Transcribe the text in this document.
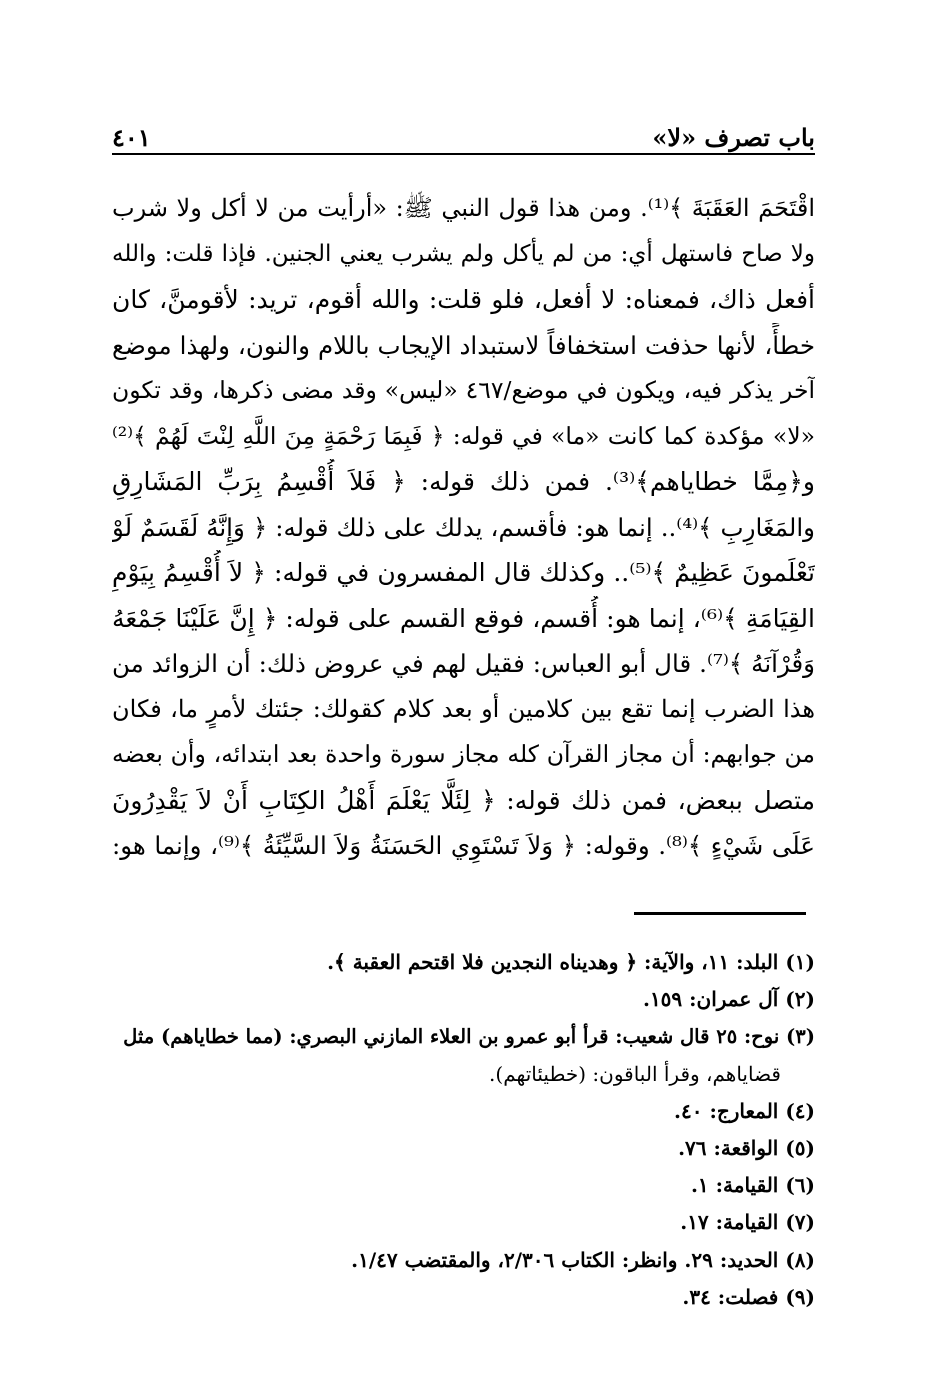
باب تصرف «لا»
٤٠١
اقْتَحَمَ العَقَبَةَ ﴾⁽¹⁾. ومن هذا قول النبي ﷺ: «أرأيت من لا أكل ولا شرب
ولا صاح فاستهل أي: من لم يأكل ولم يشرب يعني الجنين. فإذا قلت: والله
أفعل ذاك، فمعناه: لا أفعل، فلو قلت: والله أقوم، تريد: لأقومنَّ، كان
خطأً، لأنها حذفت استخفافاً لاستبداد الإيجاب باللام والنون، ولهذا موضع
آخر يذكر فيه، ويكون في موضع/٤٦٧ «ليس» وقد مضى ذكرها، وقد تكون
«لا» مؤكدة كما كانت «ما» في قوله: ﴿ فَبِمَا رَحْمَةٍ مِنَ اللَّهِ لِنْتَ لَهُمْ ﴾⁽²⁾
و﴿مِمَّا خطاياهم﴾⁽³⁾. فمن ذلك قوله: ﴿ فَلاَ أُقْسِمُ بِرَبِّ المَشَارِقِ
والمَغَارِبِ ﴾⁽⁴⁾.. إنما هو: فأقسم، يدلك على ذلك قوله: ﴿ وَإِنَّهُ لَقَسَمٌ لَوْ
تَعْلَمونَ عَظِيمٌ ﴾⁽⁵⁾.. وكذلك قال المفسرون في قوله: ﴿ لاَ أُقْسِمُ بِيَوْمِ
القِيَامَةِ ﴾⁽⁶⁾، إنما هو: أُقسم، فوقع القسم على قوله: ﴿ إِنَّ عَلَيْنَا جَمْعَهُ
وَقُرْآنَهُ ﴾⁽⁷⁾. قال أبو العباس: فقيل لهم في عروض ذلك: أن الزوائد من
هذا الضرب إنما تقع بين كلامين أو بعد كلام كقولك: جئتك لأمرٍ ما، فكان
من جوابهم: أن مجاز القرآن كله مجاز سورة واحدة بعد ابتدائه، وأن بعضه
متصل ببعض، فمن ذلك قوله: ﴿ لِئَلَّا يَعْلَمَ أَهْلُ الكِتَابِ أَنْ لاَ يَقْدِرُونَ
عَلَى شَيْءٍ ﴾⁽⁸⁾. وقوله: ﴿ وَلاَ تَسْتَوِي الحَسَنَةُ وَلاَ السَّيِّئَةُ ﴾⁽⁹⁾، وإنما هو:
(١) البلد: ١١، والآية: ﴿ وهديناه النجدين فلا اقتحم العقبة ﴾.
(٢) آل عمران: ١٥٩.
(٣) نوح: ٢٥ قال شعيب: قرأ أبو عمرو بن العلاء المازني البصري: (مما خطاياهم) مثل
قضاياهم، وقرأ الباقون: (خطيئاتهم).
(٤) المعارج: ٤٠.
(٥) الواقعة: ٧٦.
(٦) القيامة: ١.
(٧) القيامة: ١٧.
(٨) الحديد: ٢٩. وانظر: الكتاب ٢/٣٠٦، والمقتضب ١/٤٧.
(٩) فصلت: ٣٤.
